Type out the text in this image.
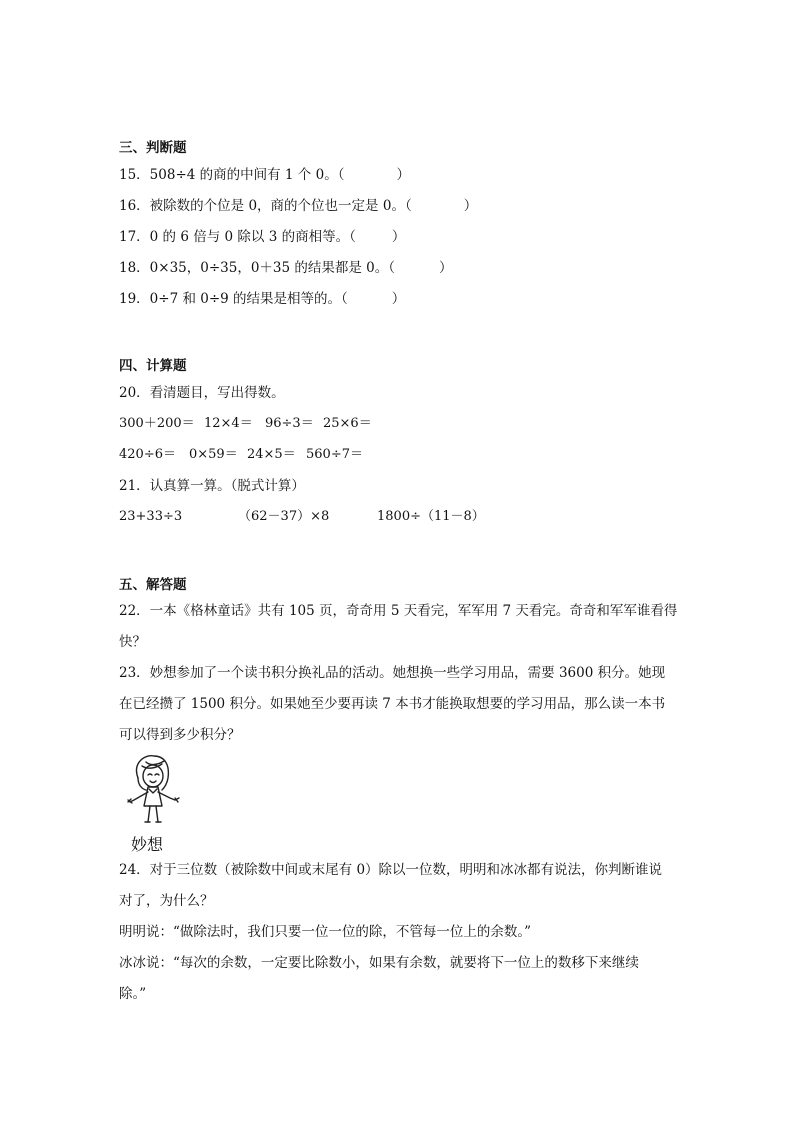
三、判断题
15．508÷4 的商的中间有 1 个 0。（	）
16．被除数的个位是 0，商的个位也一定是 0。（	）
17．0 的 6 倍与 0 除以 3 的商相等。（	）
18．0×35，0÷35，0＋35 的结果都是 0。（	）
19．0÷7 和 0÷9 的结果是相等的。（	）
四、计算题
20．看清题目，写出得数。
300＋200＝ 12×4＝ 96÷3＝ 25×6＝
420÷6＝ 0×59＝ 24×5＝ 560÷7＝
21．认真算一算。（脱式计算）
23+33÷3	（62－37）×8	1800÷（11－8）
五、解答题
22．一本《格林童话》共有 105 页，奇奇用 5 天看完，军军用 7 天看完。奇奇和军军谁看得
快？
23．妙想参加了一个读书积分换礼品的活动。她想换一些学习用品，需要 3600 积分。她现
在已经攒了 1500 积分。如果她至少要再读 7 本书才能换取想要的学习用品，那么读一本书
可以得到多少积分？
妙想
24．对于三位数（被除数中间或末尾有 0）除以一位数，明明和冰冰都有说法，你判断谁说
对了，为什么？
明明说：“做除法时，我们只要一位一位的除，不管每一位上的余数。”
冰冰说：“每次的余数，一定要比除数小，如果有余数，就要将下一位上的数移下来继续
除。”
